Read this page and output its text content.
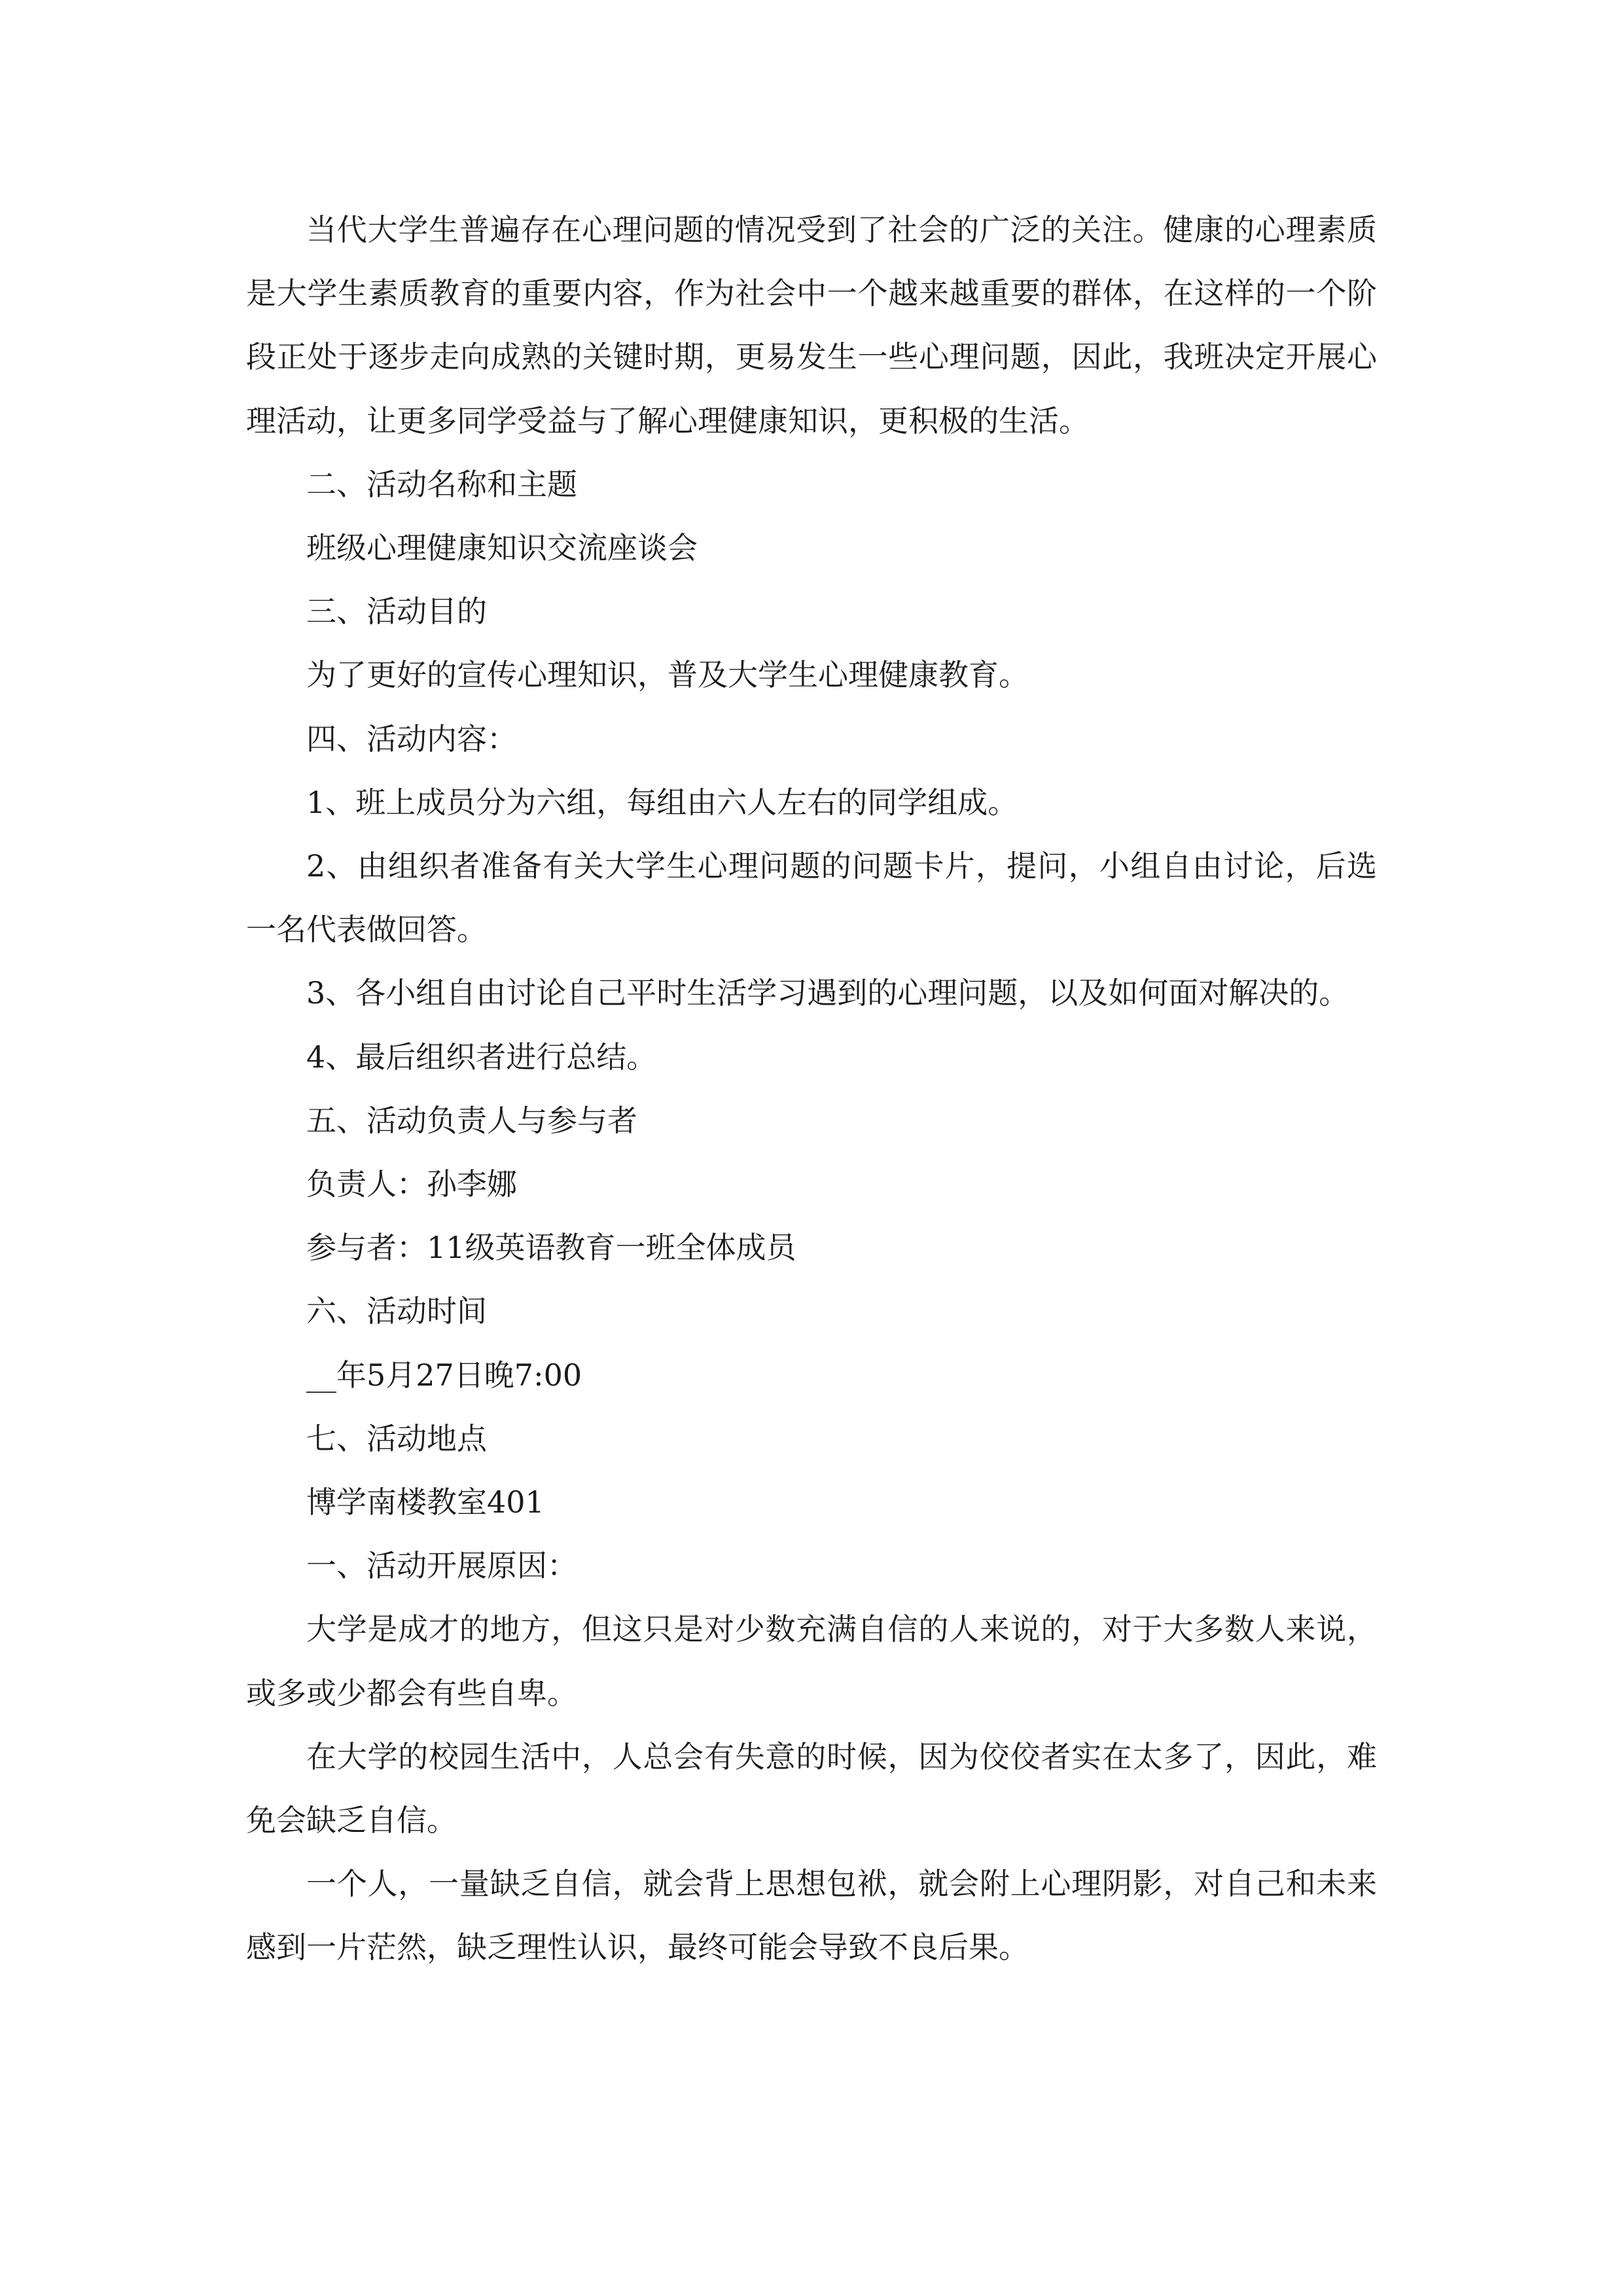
当代大学生普遍存在心理问题的情况受到了社会的广泛的关注。健康的心理素质是大学生素质教育的重要内容，作为社会中一个越来越重要的群体，在这样的一个阶段正处于逐步走向成熟的关键时期，更易发生一些心理问题，因此，我班决定开展心理活动，让更多同学受益与了解心理健康知识，更积极的生活。

二、活动名称和主题

班级心理健康知识交流座谈会

三、活动目的

为了更好的宣传心理知识，普及大学生心理健康教育。

四、活动内容：

1、班上成员分为六组，每组由六人左右的同学组成。

2、由组织者准备有关大学生心理问题的问题卡片，提问，小组自由讨论，后选一名代表做回答。

3、各小组自由讨论自己平时生活学习遇到的心理问题，以及如何面对解决的。

4、最后组织者进行总结。

五、活动负责人与参与者

负责人：孙李娜

参与者：11级英语教育一班全体成员

六、活动时间

__年5月27日晚7:00

七、活动地点

博学南楼教室401

一、活动开展原因：

大学是成才的地方，但这只是对少数充满自信的人来说的，对于大多数人来说，或多或少都会有些自卑。

在大学的校园生活中，人总会有失意的时候，因为佼佼者实在太多了，因此，难免会缺乏自信。

一个人，一量缺乏自信，就会背上思想包袱，就会附上心理阴影，对自己和未来感到一片茫然，缺乏理性认识，最终可能会导致不良后果。
